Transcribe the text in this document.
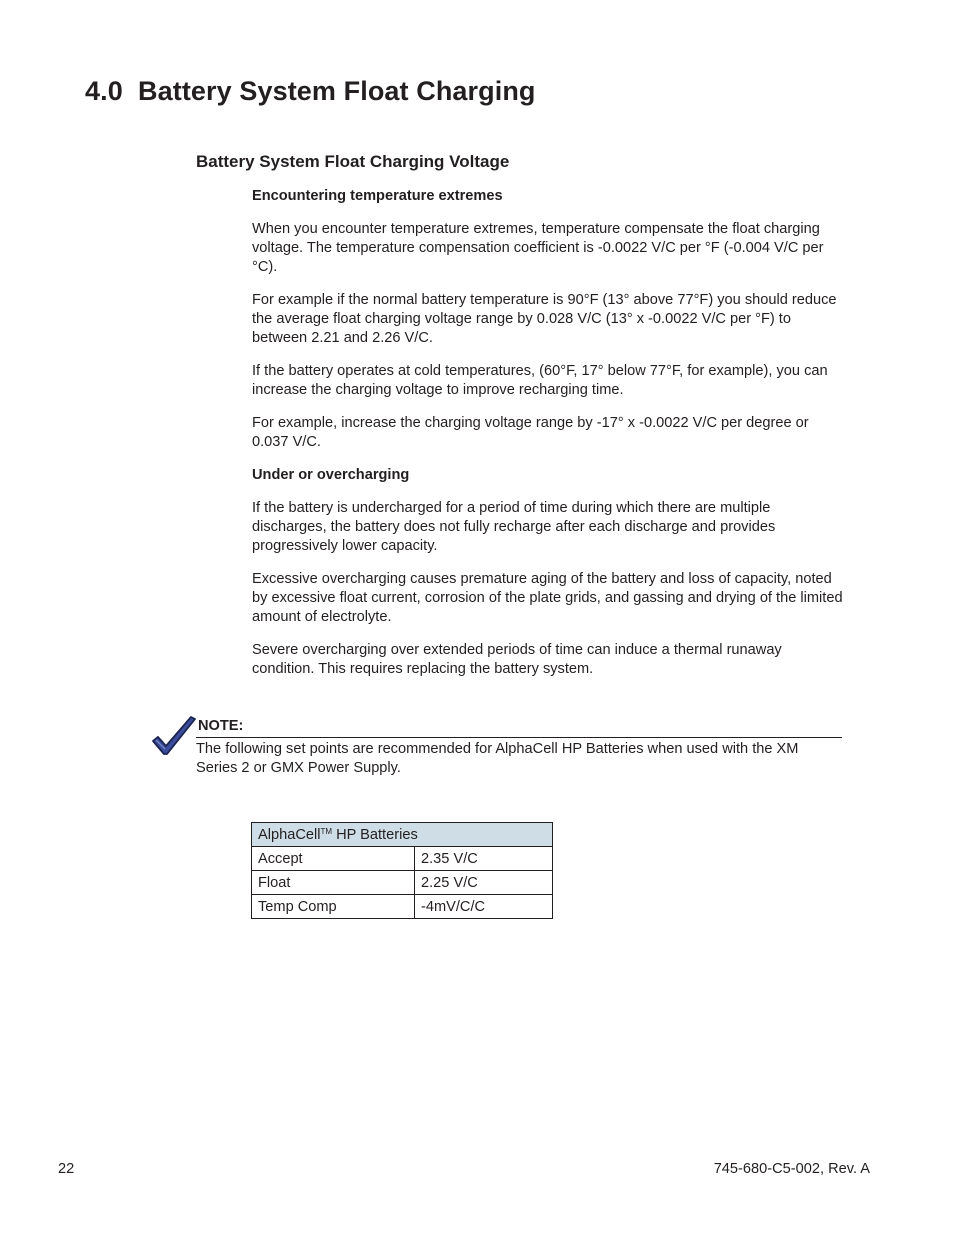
4.0  Battery System Float Charging
Battery System Float Charging Voltage
Encountering temperature extremes

When you encounter temperature extremes, temperature compensate the float charging voltage. The temperature compensation coefficient is -0.0022 V/C per °F (-0.004 V/C per °C).

For example if the normal battery temperature is 90°F (13° above 77°F) you should reduce the average float charging voltage range by 0.028 V/C (13° x -0.0022 V/C per °F) to between 2.21 and 2.26 V/C.

If the battery operates at cold temperatures, (60°F, 17° below 77°F, for example), you can increase the charging voltage to improve recharging time.

For example, increase the charging voltage range by -17° x -0.0022 V/C per degree or 0.037 V/C.

Under or overcharging

If the battery is undercharged for a period of time during which there are multiple discharges, the battery does not fully recharge after each discharge and provides progressively lower capacity.

Excessive overcharging causes premature aging of the battery and loss of capacity, noted by excessive float current, corrosion of the plate grids, and gassing and drying of the limited amount of electrolyte.

Severe overcharging over extended periods of time can induce a thermal runaway condition. This requires replacing the battery system.

NOTE:
The following set points are recommended for AlphaCell HP Batteries when used with the XM Series 2 or GMX Power Supply.
AlphaCell™ HP Batteries	
Accept	2.35 V/C
Float	2.25 V/C
Temp Comp	-4mV/C/C
22	745-680-C5-002, Rev. A
